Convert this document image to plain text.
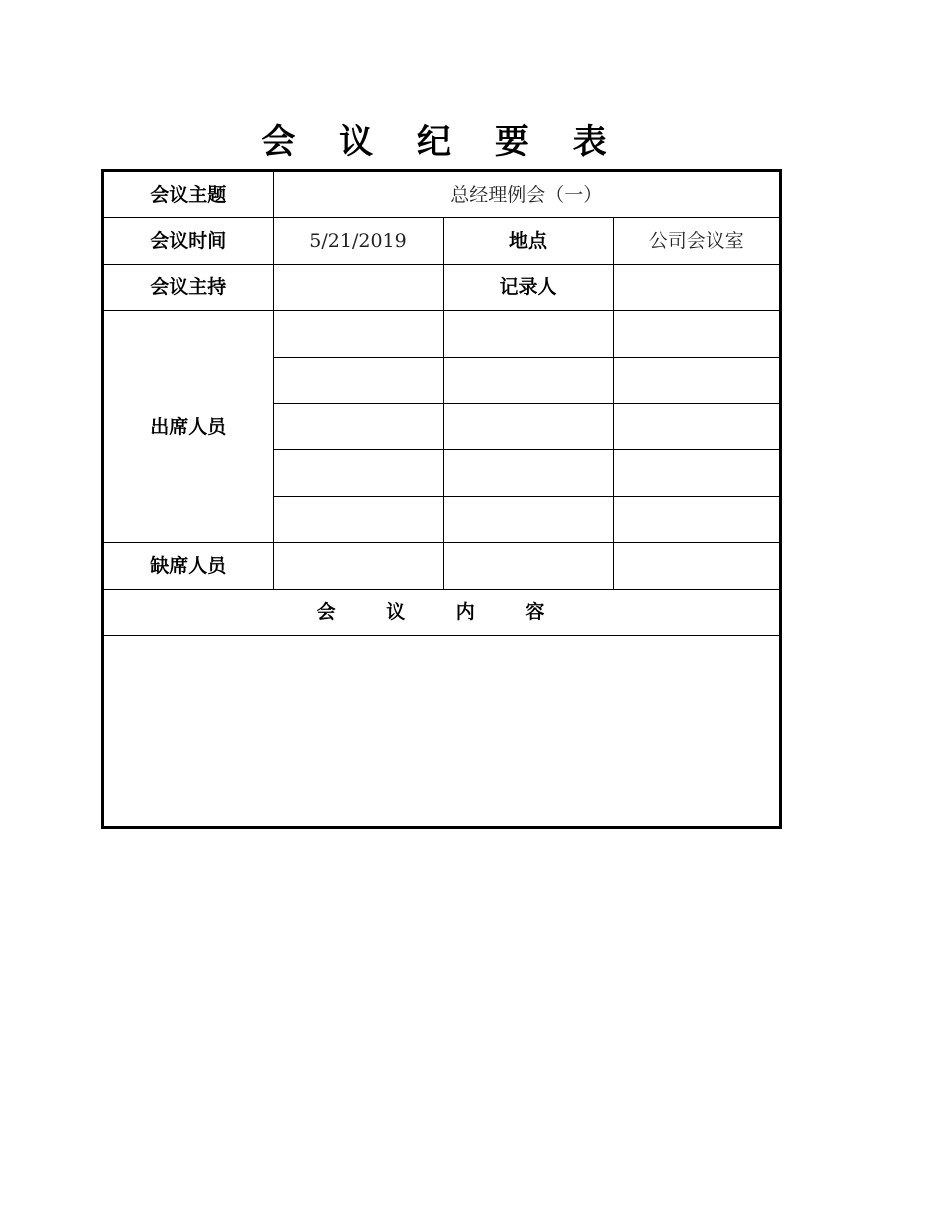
会 议 纪 要 表
会议主题	总经理例会（一）		
会议时间	5/21/2019	地点	公司会议室
会议主持		记录人	
出席人员			

缺席人员			
会 议 内 容			
